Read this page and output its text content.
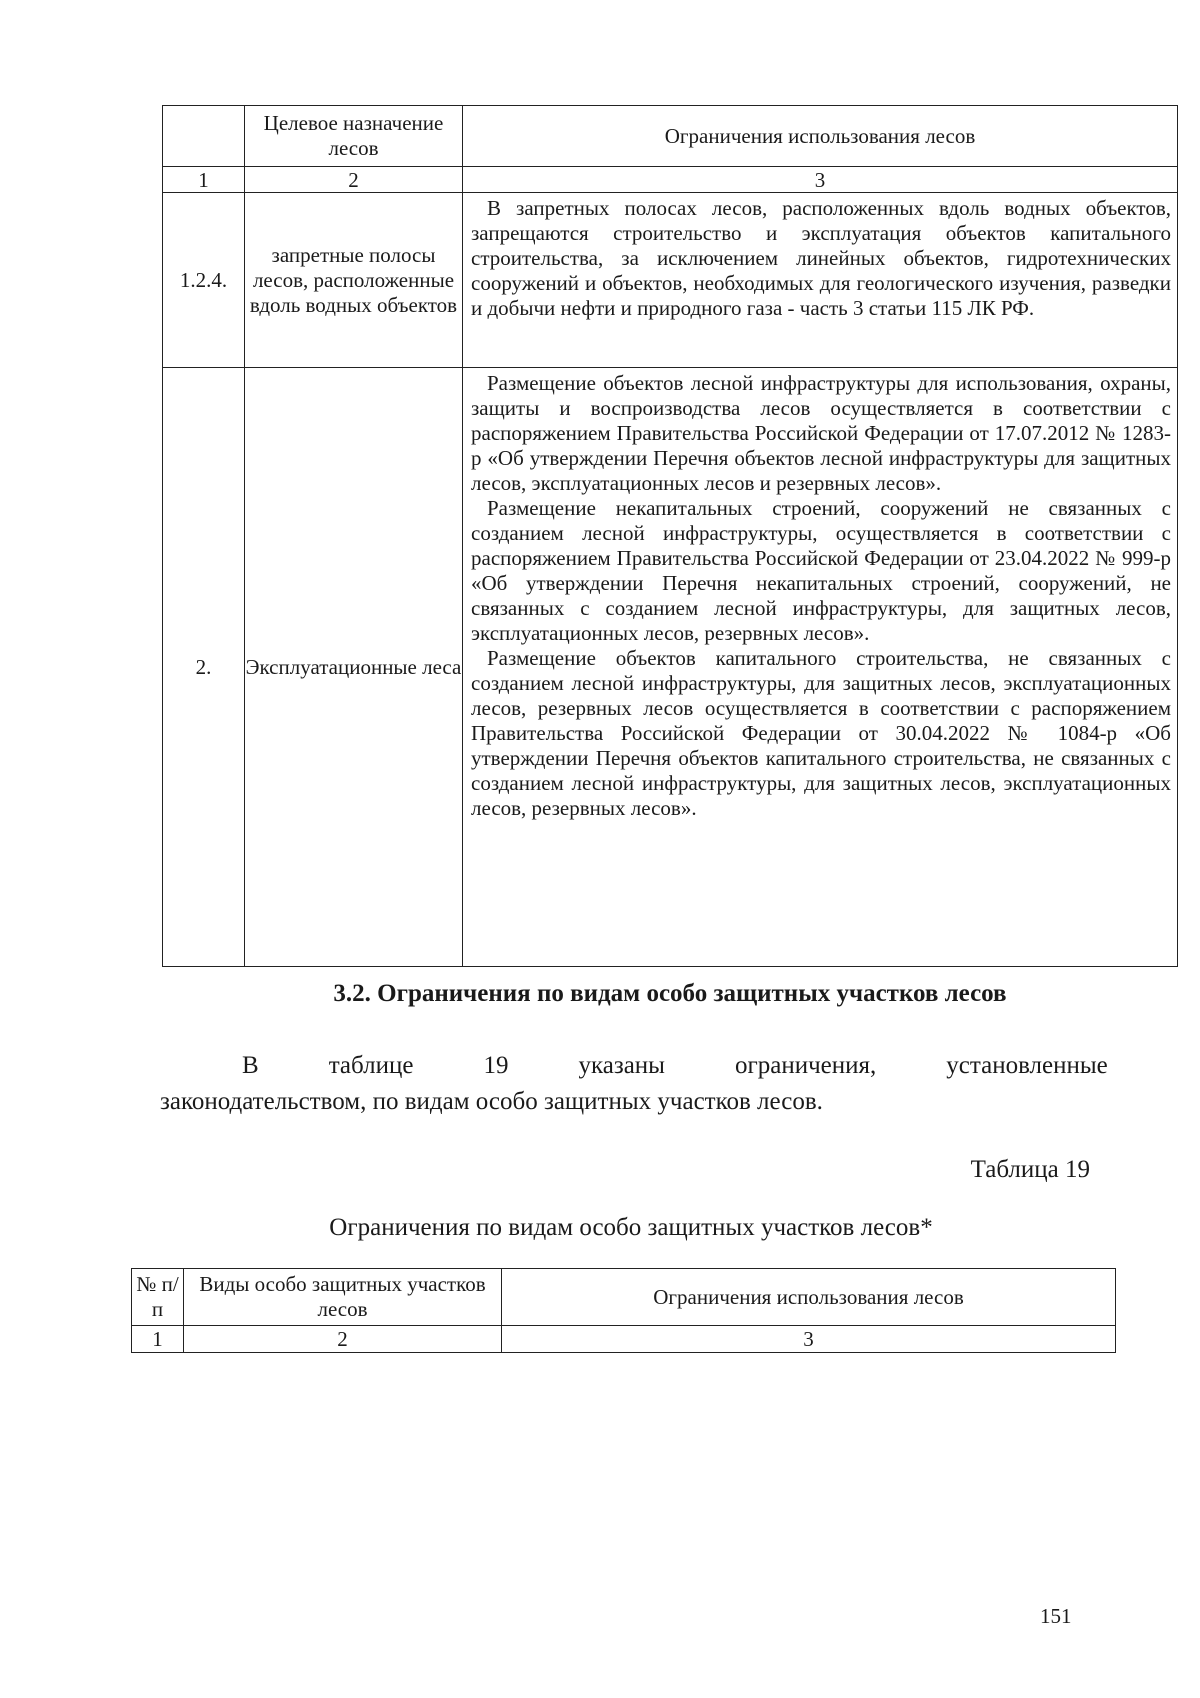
	Целевое назначение лесов	Ограничения использования лесов
1	2	3
1.2.4.	запретные полосы лесов, расположенные вдоль водных объектов	В запретных полосах лесов, расположенных вдоль водных объектов, запрещаются строительство и эксплуатация объектов капитального строительства, за исключением линейных объектов, гидротехнических сооружений и объектов, необходимых для геологического изучения, разведки и добычи нефти и природного газа - часть 3 статьи 115 ЛК РФ.

2.	Эксплуатационные леса	Размещение объектов лесной инфраструктуры для использования, охраны, защиты и воспроизводства лесов осуществляется в соответствии с распоряжением Правительства Российской Федерации от 17.07.2012 № 1283-р «Об утверждении Перечня объектов лесной инфраструктуры для защитных лесов, эксплуатационных лесов и резервных лесов».

Размещение некапитальных строений, сооружений не связанных с созданием лесной инфраструктуры, осуществляется в соответствии с распоряжением Правительства Российской Федерации от 23.04.2022 № 999-р «Об утверждении Перечня некапитальных строений, сооружений, не связанных с созданием лесной инфраструктуры, для защитных лесов, эксплуатационных лесов, резервных лесов».

Размещение объектов капитального строительства, не связанных с созданием лесной инфраструктуры, для защитных лесов, эксплуатационных лесов, резервных лесов осуществляется в соответствии с распоряжением Правительства Российской Федерации от 30.04.2022 № 1084-р «Об утверждении Перечня объектов капитального строительства, не связанных с созданием лесной инфраструктуры, для защитных лесов, эксплуатационных лесов, резервных лесов».

3.2. Ограничения по видам особо защитных участков лесов
В	таблице	19	указаны	ограничения,	установленные
законодательством, по видам особо защитных участков лесов.

Таблица 19

Ограничения по видам особо защитных участков лесов*

№ п/п	Виды особо защитных участков лесов	Ограничения использования лесов
1	2	3

151
